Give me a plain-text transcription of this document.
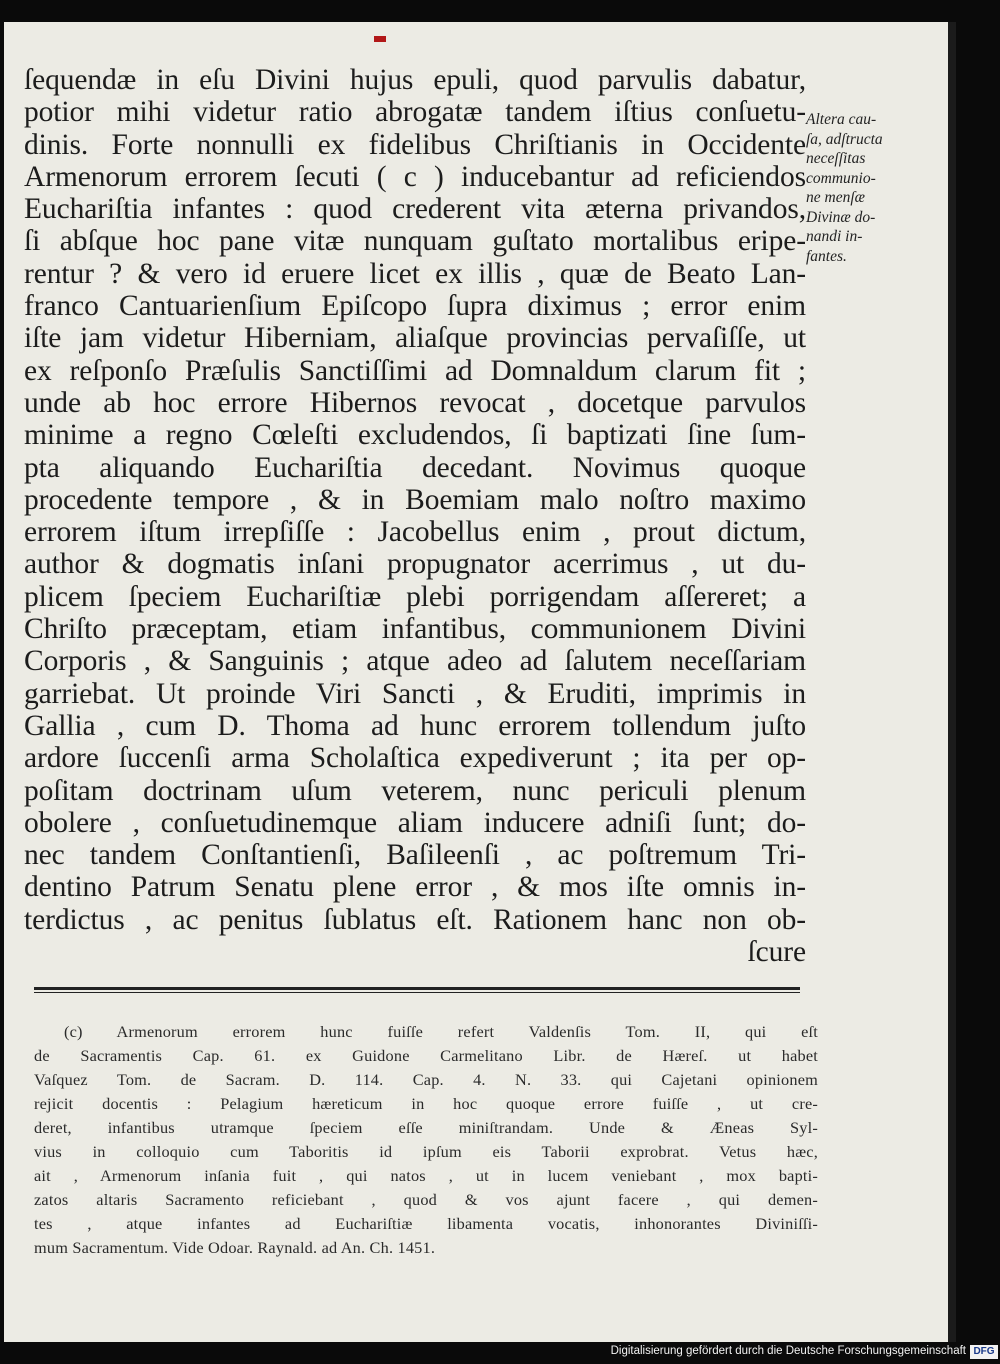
ſequendæ in eſu Divini hujus epuli, quod parvulis dabatur,
potior mihi videtur ratio abrogatæ tandem iſtius conſuetu-
dinis. Forte nonnulli ex fidelibus Chriſtianis in Occidente
Armenorum errorem ſecuti ( c ) inducebantur ad reficiendos
Euchariſtia infantes : quod crederent vita æterna privandos,
ſi abſque hoc pane vitæ nunquam guſtato mortalibus eripe-
rentur ? & vero id eruere licet ex illis , quæ de Beato Lan-
franco Cantuarienſium Epiſcopo ſupra diximus ; error enim
iſte jam videtur Hiberniam, aliaſque provincias pervaſiſſe, ut
ex reſponſo Præſulis Sanctiſſimi ad Domnaldum clarum fit ;
unde ab hoc errore Hibernos revocat , docetque parvulos
minime a regno Cœleſti excludendos, ſi baptizati ſine ſum-
pta aliquando Euchariſtia decedant. Novimus quoque
procedente tempore , & in Boemiam malo noſtro maximo
errorem iſtum irrepſiſſe : Jacobellus enim , prout dictum,
author & dogmatis inſani propugnator acerrimus , ut du-
plicem ſpeciem Euchariſtiæ plebi porrigendam aſſereret; a
Chriſto præceptam, etiam infantibus, communionem Divini
Corporis , & Sanguinis ; atque adeo ad ſalutem neceſſariam
garriebat. Ut proinde Viri Sancti , & Eruditi, imprimis in
Gallia , cum D. Thoma ad hunc errorem tollendum juſto
ardore ſuccenſi arma Scholaſtica expediverunt ; ita per op-
poſitam doctrinam uſum veterem, nunc periculi plenum
obolere , conſuetudinemque aliam inducere adniſi ſunt; do-
nec tandem Conſtantienſi, Baſileenſi , ac poſtremum Tri-
dentino Patrum Senatu plene error , & mos iſte omnis in-
terdictus , ac penitus ſublatus eſt. Rationem hanc non ob-
ſcure
Altera cau-
ſa, adſtructa
neceſſitas
communio-
ne menſæ
Divinæ do-
nandi in-
fantes.
(c) Armenorum errorem hunc fuiſſe refert Valdenſis Tom. II, qui eſt
de Sacramentis Cap. 61. ex Guidone Carmelitano Libr. de Hæreſ. ut habet
Vaſquez Tom. de Sacram. D. 114. Cap. 4. N. 33. qui Cajetani opinionem
rejicit docentis : Pelagium hæreticum in hoc quoque errore fuiſſe , ut cre-
deret, infantibus utramque ſpeciem eſſe miniſtrandam. Unde & Æneas Syl-
vius in colloquio cum Taboritis id ipſum eis Taborii exprobrat. Vetus hæc,
ait , Armenorum inſania fuit , qui natos , ut in lucem veniebant , mox bapti-
zatos altaris Sacramento reficiebant , quod & vos ajunt facere , qui demen-
tes , atque infantes ad Euchariſtiæ libamenta vocatis, inhonorantes Diviniſſi-
mum Sacramentum. Vide Odoar. Raynald. ad An. Ch. 1451.
Digitalisierung gefördert durch die Deutsche Forschungsgemeinschaft DFG
